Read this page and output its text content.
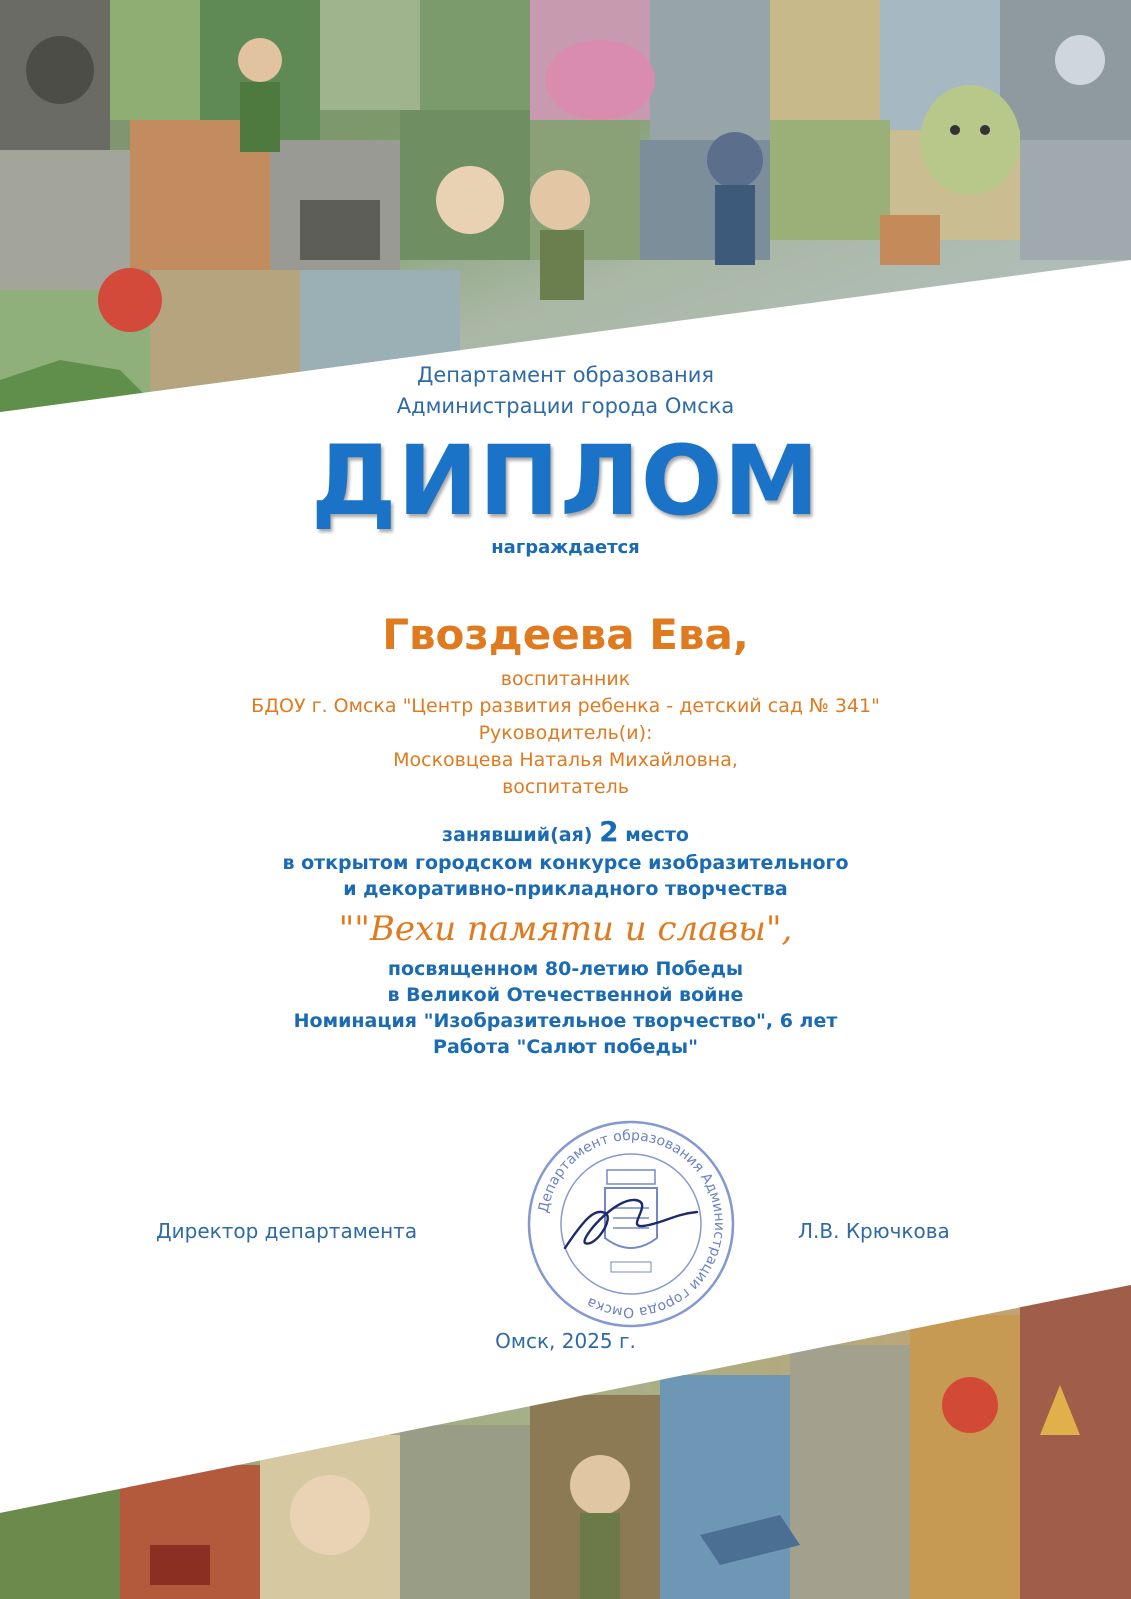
Департамент образования
Администрации города Омска
ДИПЛОМ
награждается
Гвоздеева Ева,
воспитанник
БДОУ г. Омска "Центр развития ребенка - детский сад № 341"
Руководитель(и):
Московцева Наталья Михайловна,
воспитатель
занявший(ая) 2 место
в открытом городском конкурсе изобразительного
и декоративно-прикладного творчества
""Вехи памяти и славы",
посвященном 80-летию Победы
в Великой Отечественной войне
Номинация "Изобразительное творчество", 6 лет
Работа "Салют победы"
Директор департамента
Департамент образования Администрации города Омска
Л.В. Крючкова
Омск, 2025 г.
